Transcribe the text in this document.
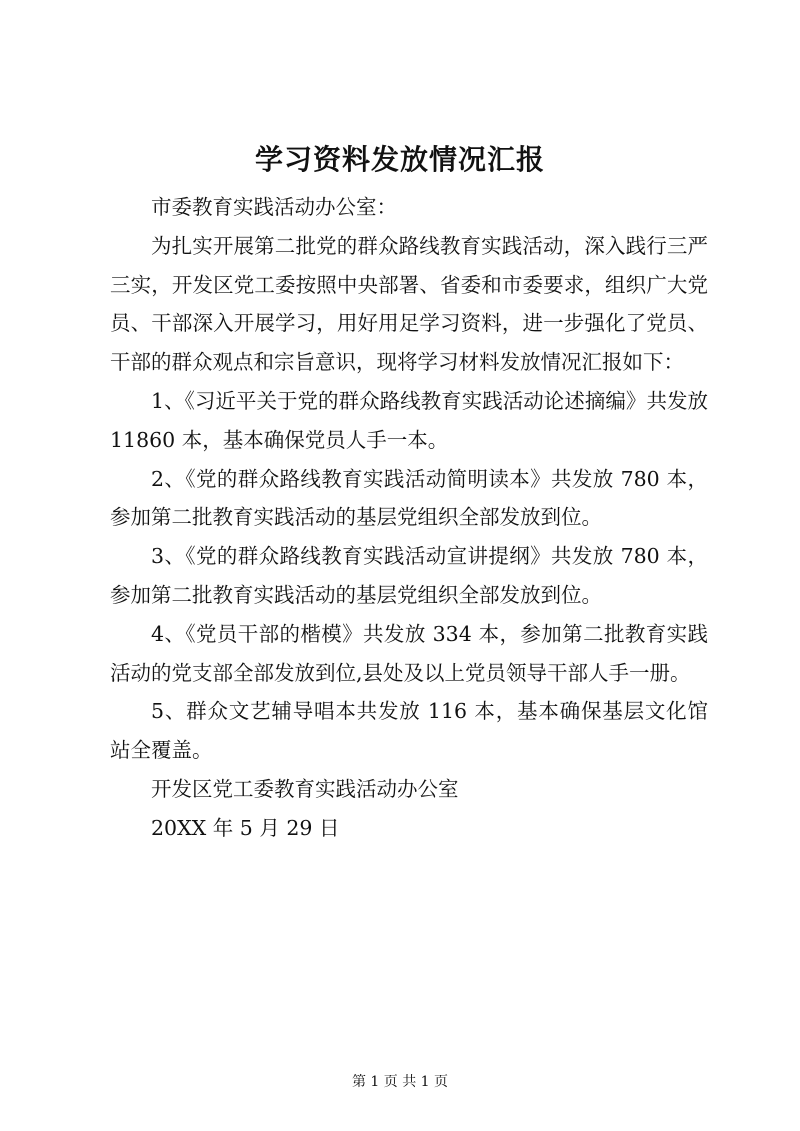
学习资料发放情况汇报

市委教育实践活动办公室：

为扎实开展第二批党的群众路线教育实践活动，深入践行三严三实，开发区党工委按照中央部署、省委和市委要求，组织广大党员、干部深入开展学习，用好用足学习资料，进一步强化了党员、干部的群众观点和宗旨意识，现将学习材料发放情况汇报如下：

1、《习近平关于党的群众路线教育实践活动论述摘编》共发放 11860 本，基本确保党员人手一本。

2、《党的群众路线教育实践活动简明读本》共发放 780 本，参加第二批教育实践活动的基层党组织全部发放到位。

3、《党的群众路线教育实践活动宣讲提纲》共发放 780 本，参加第二批教育实践活动的基层党组织全部发放到位。

4、《党员干部的楷模》共发放 334 本，参加第二批教育实践活动的党支部全部发放到位,县处及以上党员领导干部人手一册。

5、群众文艺辅导唱本共发放 116 本，基本确保基层文化馆站全覆盖。

开发区党工委教育实践活动办公室

20XX 年 5 月 29 日

第 1 页 共 1 页
